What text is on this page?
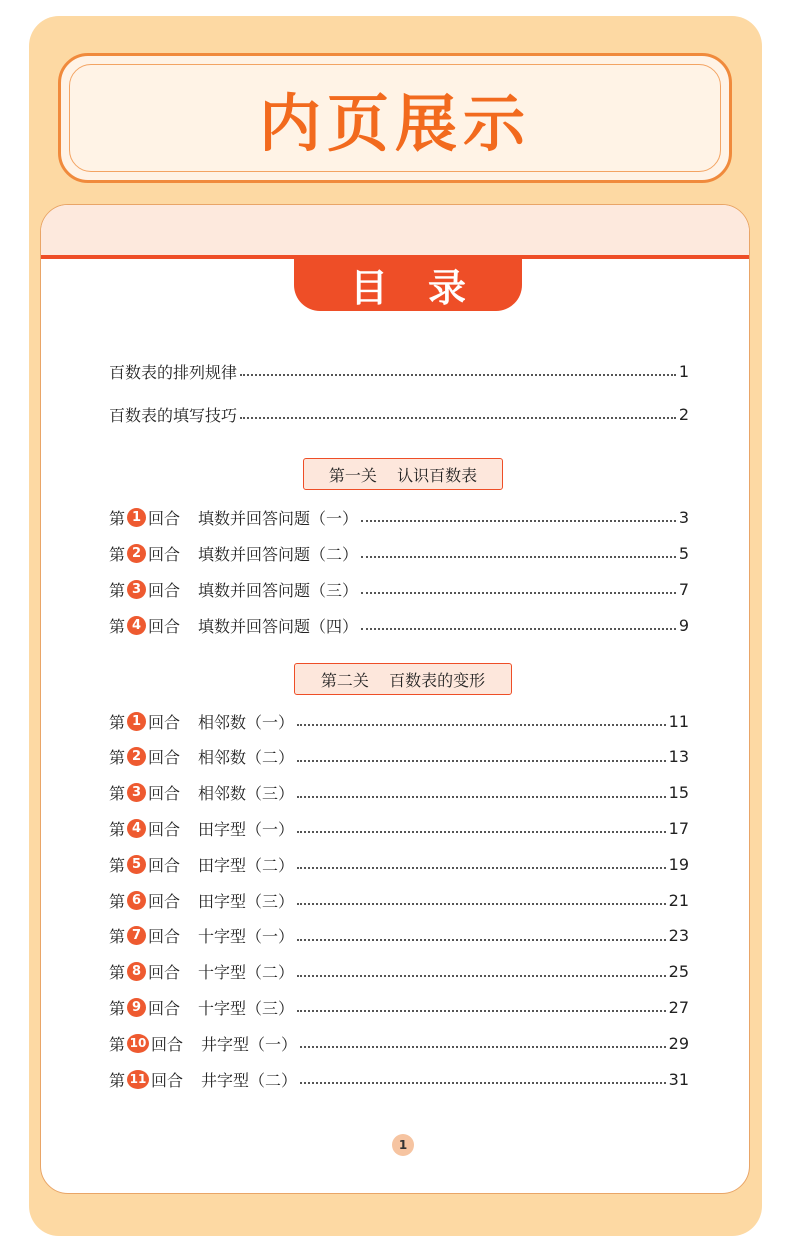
内页展示
目录
百数表的排列规律	1
百数表的填写技巧	2
第一关    认识百数表
第 1 回合 填数并回答问题（一）	3
第 2 回合 填数并回答问题（二）	5
第 3 回合 填数并回答问题（三）	7
第 4 回合 填数并回答问题（四）	9
第二关    百数表的变形
第 1 回合 相邻数（一）	11
第 2 回合 相邻数（二）	13
第 3 回合 相邻数（三）	15
第 4 回合 田字型（一）	17
第 5 回合 田字型（二）	19
第 6 回合 田字型（三）	21
第 7 回合 十字型（一）	23
第 8 回合 十字型（二）	25
第 9 回合 十字型（三）	27
第 10 回合 井字型（一）	29
第 11 回合 井字型（二）	31
1
